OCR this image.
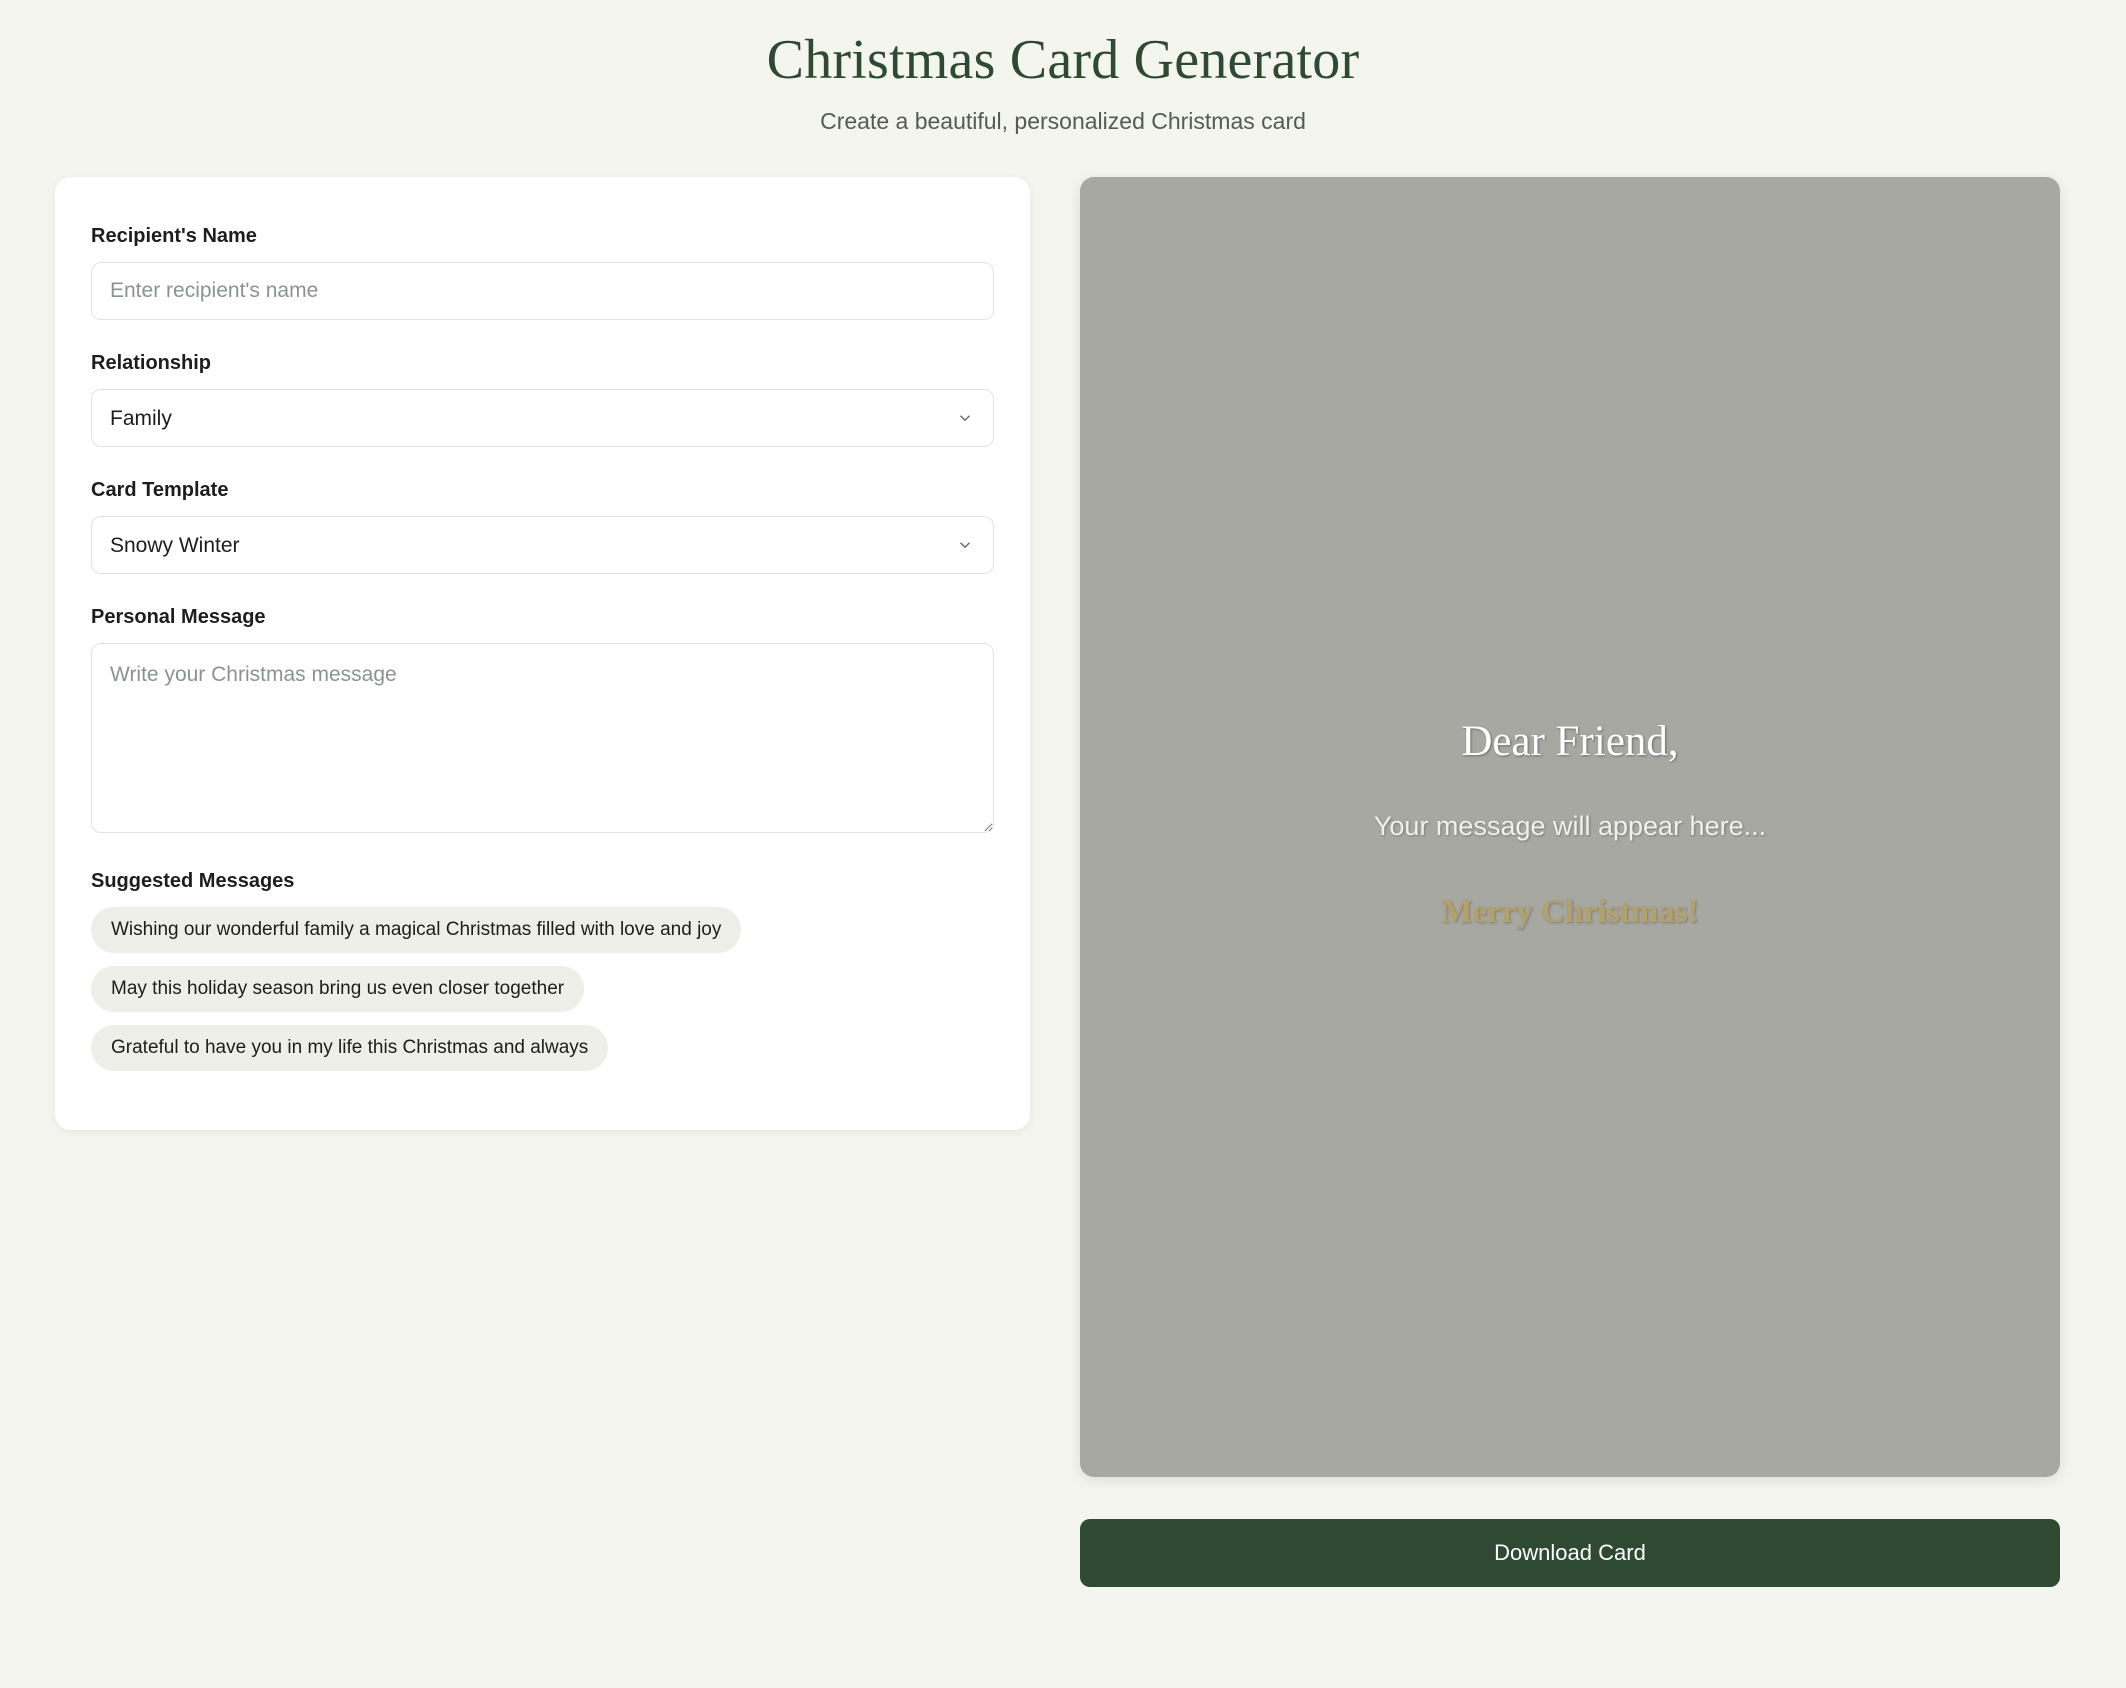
Christmas Card Generator

Create a beautiful, personalized Christmas card

Recipient's Name
Enter recipient's name
Relationship
Family
Card Template
Snowy Winter
Personal Message
Write your Christmas message
Suggested Messages
Wishing our wonderful family a magical Christmas filled with love and joy
May this holiday season bring us even closer together
Grateful to have you in my life this Christmas and always

Dear Friend,

Your message will appear here...

Merry Christmas!

Download Card
